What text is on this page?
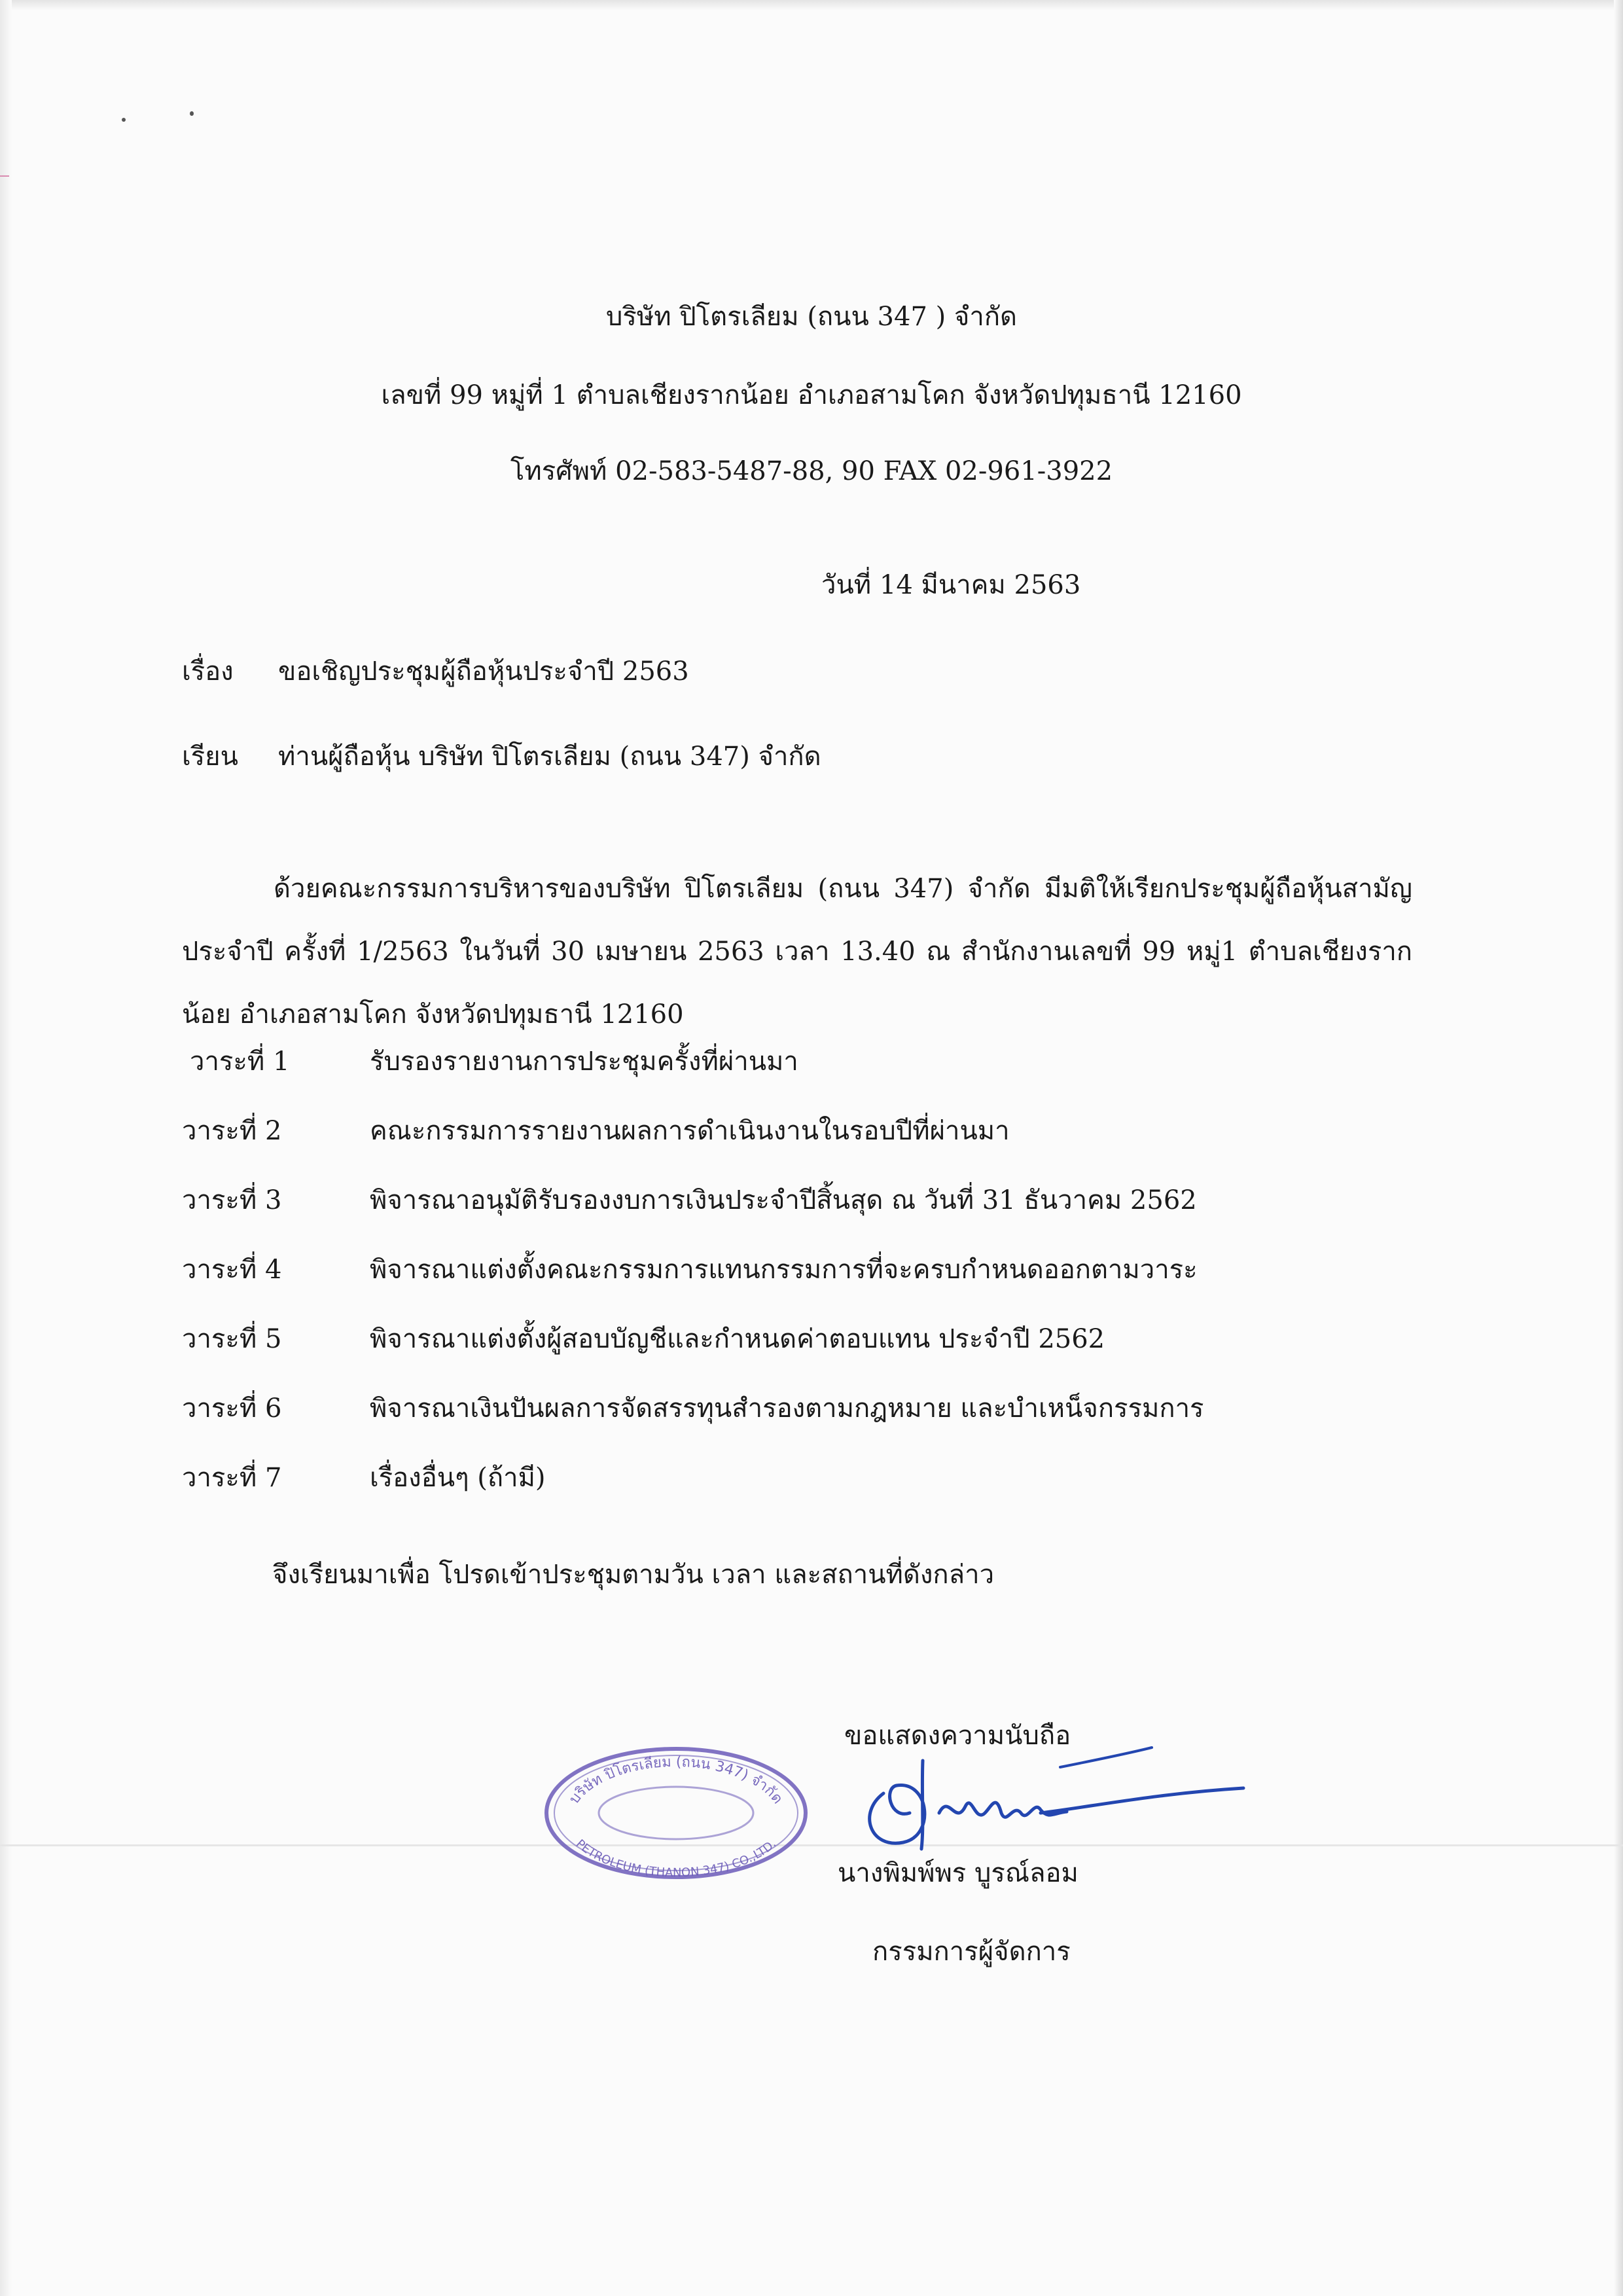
บริษัท ปิโตรเลียม (ถนน 347 ) จำกัด
เลขที่ 99 หมู่ที่ 1 ตำบลเชียงรากน้อย อำเภอสามโคก จังหวัดปทุมธานี 12160
โทรศัพท์ 02-583-5487-88, 90 FAX 02-961-3922
วันที่ 14 มีนาคม 2563
เรื่อง ขอเชิญประชุมผู้ถือหุ้นประจำปี 2563
เรียน ท่านผู้ถือหุ้น บริษัท ปิโตรเลียม (ถนน 347) จำกัด
ด้วยคณะกรรมการบริหารของบริษัท ปิโตรเลียม (ถนน 347) จำกัด มีมติให้เรียกประชุมผู้ถือหุ้นสามัญประจำปี ครั้งที่ 1/2563 ในวันที่ 30 เมษายน 2563 เวลา 13.40 ณ สำนักงานเลขที่ 99 หมู่1 ตำบลเชียงรากน้อย อำเภอสามโคก จังหวัดปทุมธานี 12160
วาระที่ 1	รับรองรายงานการประชุมครั้งที่ผ่านมา
วาระที่ 2	คณะกรรมการรายงานผลการดำเนินงานในรอบปีที่ผ่านมา
วาระที่ 3	พิจารณาอนุมัติรับรองงบการเงินประจำปีสิ้นสุด ณ วันที่ 31 ธันวาคม 2562
วาระที่ 4	พิจารณาแต่งตั้งคณะกรรมการแทนกรรมการที่จะครบกำหนดออกตามวาระ
วาระที่ 5	พิจารณาแต่งตั้งผู้สอบบัญชีและกำหนดค่าตอบแทน ประจำปี 2562
วาระที่ 6	พิจารณาเงินปันผลการจัดสรรทุนสำรองตามกฎหมาย และบำเหน็จกรรมการ
วาระที่ 7	เรื่องอื่นๆ (ถ้ามี)
จึงเรียนมาเพื่อ โปรดเข้าประชุมตามวัน เวลา และสถานที่ดังกล่าว
บริษัท ปิโตรเลียม (ถนน 347) จำกัด
PETROLEUM (THANON 347) CO.,LTD.
ขอแสดงความนับถือ
นางพิมพ์พร บูรณ์ลอม
กรรมการผู้จัดการ
